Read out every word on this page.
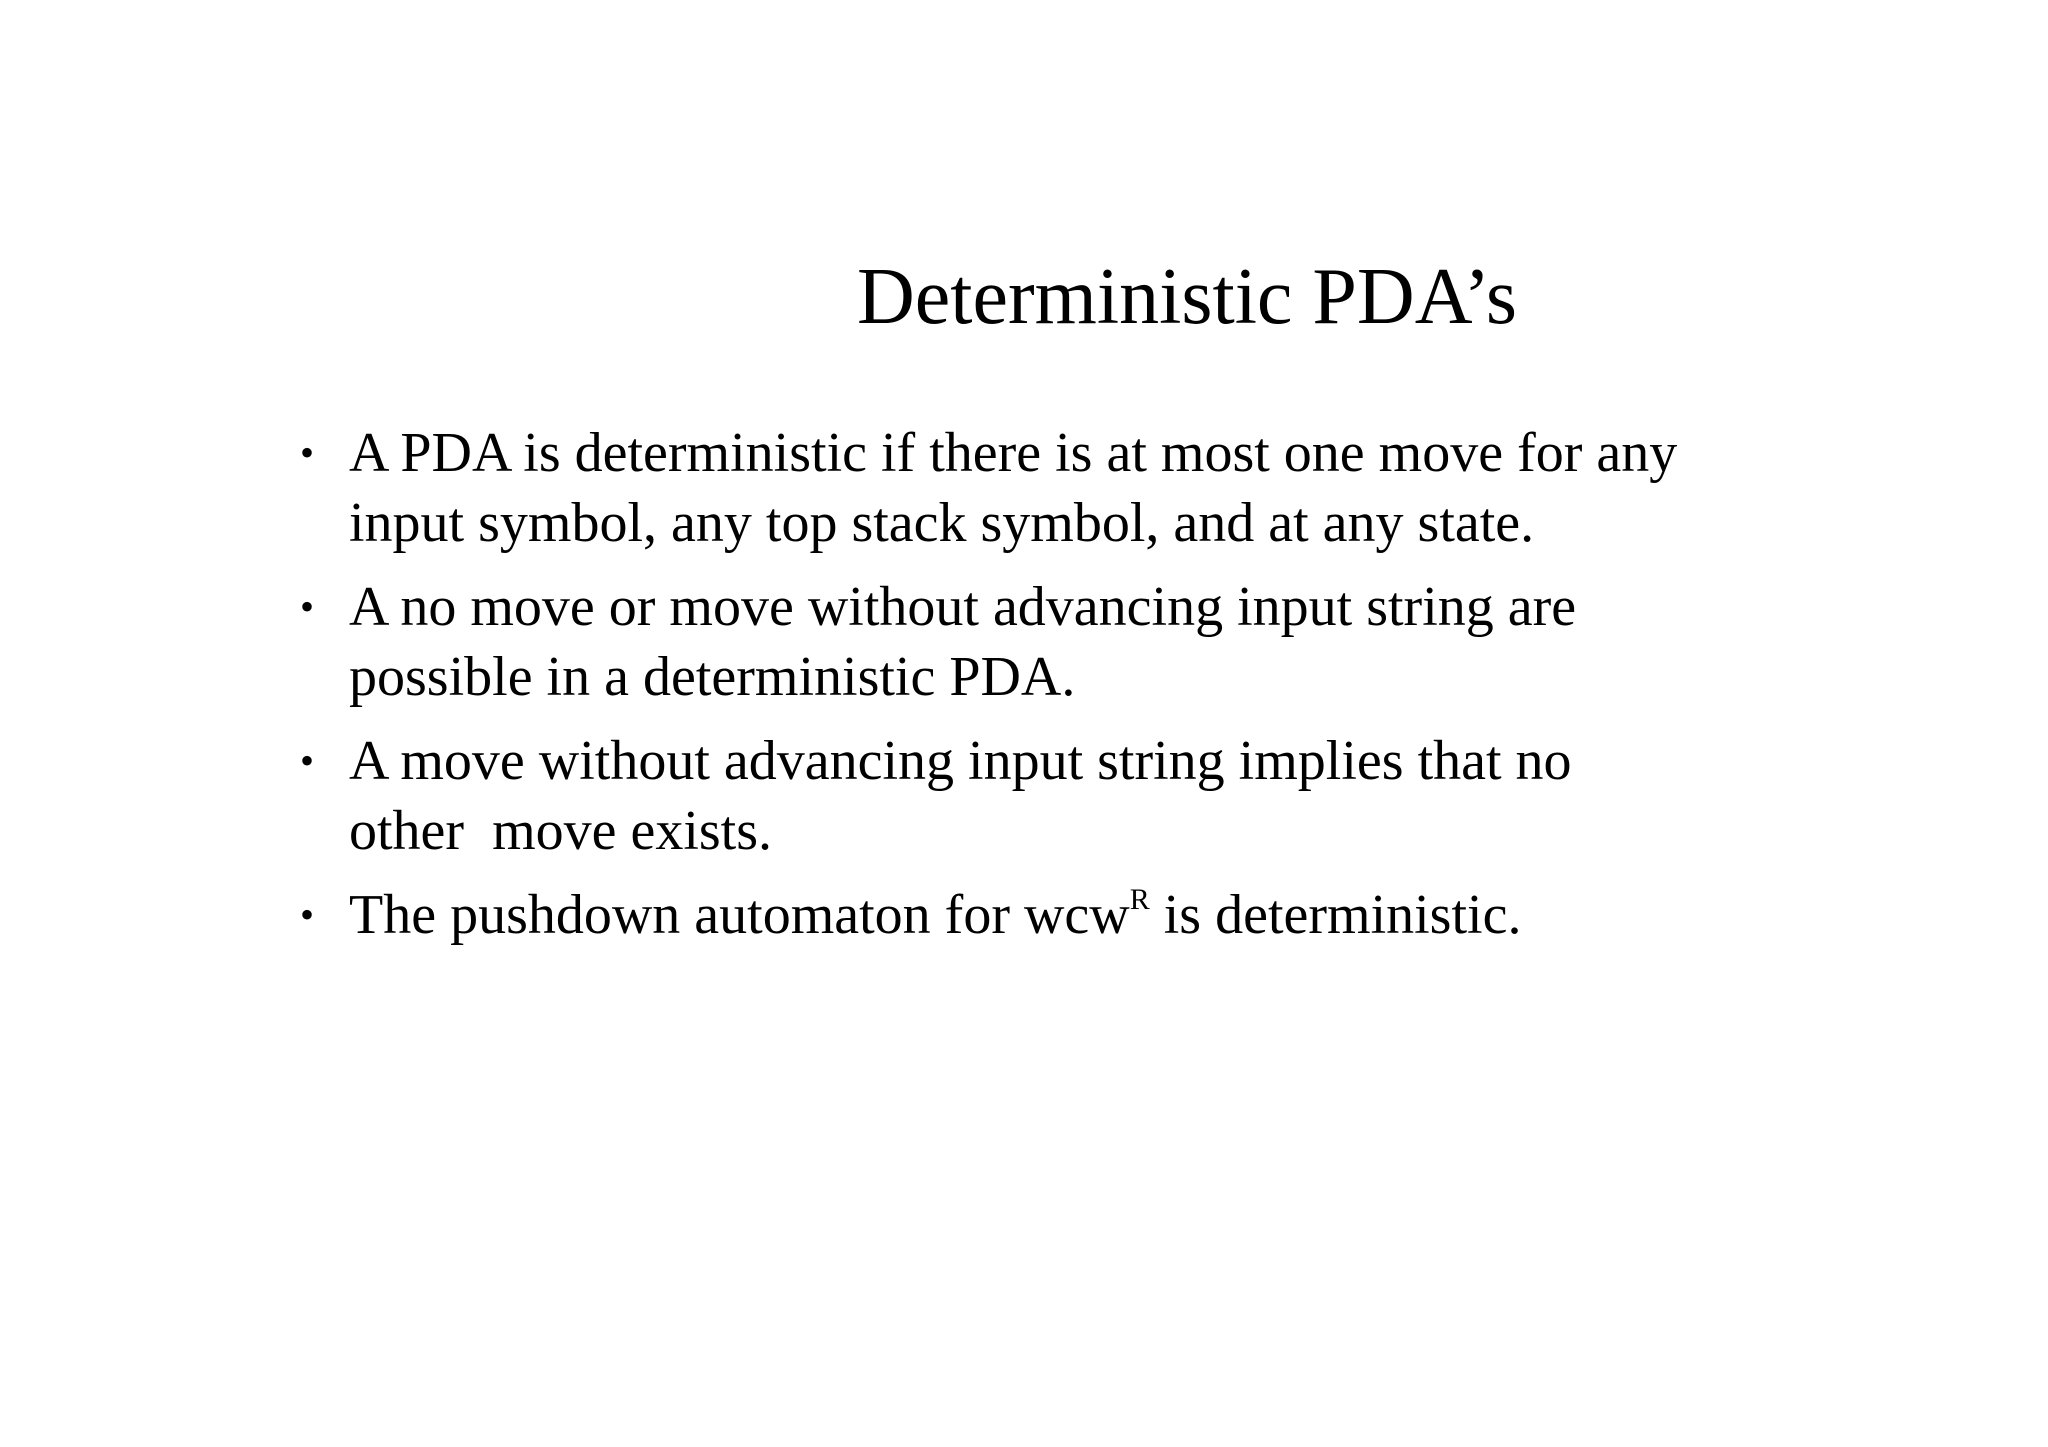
Deterministic PDA’s
• A PDA is deterministic if there is at most one move for any
input symbol, any top stack symbol, and at any state.
• A no move or move without advancing input string are
possible in a deterministic PDA.
• A move without advancing input string implies that no
other  move exists.
• The pushdown automaton for wcw$^R$ is deterministic.
